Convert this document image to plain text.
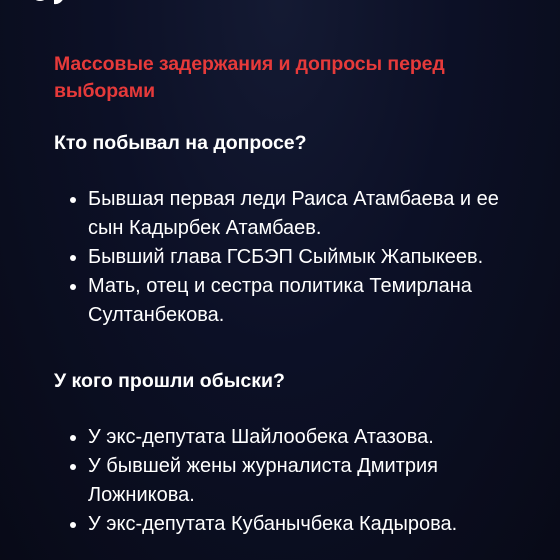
Массовые задержания и допросы перед выборами
Кто побывал на допросе?
Бывшая первая леди Раиса Атамбаева и ее сын Кадырбек Атамбаев.
Бывший глава ГСБЭП Сыймык Жапыкеев.
Мать, отец и сестра политика Темирлана Султанбекова.
У кого прошли обыски?
У экс-депутата Шайлообека Атазова.
У бывшей жены журналиста Дмитрия Ложникова.
У экс-депутата Кубанычбека Кадырова.
